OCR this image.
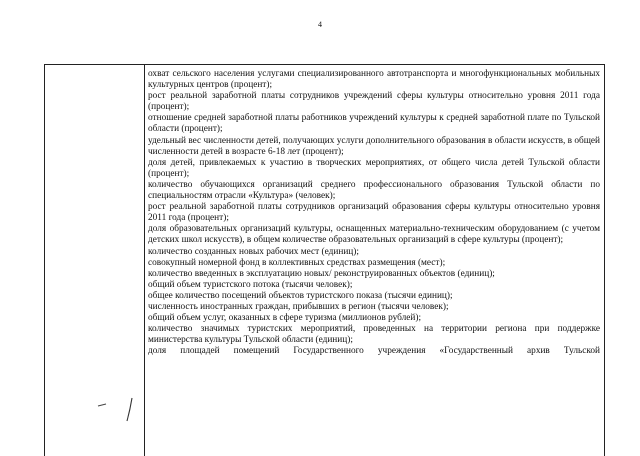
4

охват сельского населения услугами специализированного автотранспорта и многофункциональных мобильных культурных центров (процент);

рост реальной заработной платы сотрудников учреждений сферы культуры относительно уровня 2011 года (процент);

отношение средней заработной платы работников учреждений культуры к средней заработной плате по Тульской области (процент);

удельный вес численности детей, получающих услуги дополнительного образования в области искусств, в общей численности детей в возрасте 6-18 лет (процент);

доля детей, привлекаемых к участию в творческих мероприятиях, от общего числа детей Тульской области (процент);

количество обучающихся организаций среднего профессионального образования Тульской области по специальностям отрасли «Культура» (человек);

рост реальной заработной платы сотрудников организаций образования сферы культуры относительно уровня 2011 года (процент);

доля образовательных организаций культуры, оснащенных материально-техническим оборудованием (с учетом детских школ искусств), в общем количестве образовательных организаций в сфере культуры (процент);

количество созданных новых рабочих мест (единиц);

совокупный номерной фонд в коллективных средствах размещения (мест);

количество введенных в эксплуатацию новых/ реконструированных объектов (единиц);

общий объем туристского потока (тысячи человек);

общее количество посещений объектов туристского показа (тысячи единиц);

численность иностранных граждан, прибывших в регион (тысячи человек);

общий объем услуг, оказанных в сфере туризма (миллионов рублей);

количество значимых туристских мероприятий, проведенных на территории региона при поддержке министерства культуры Тульской области (единиц);

доля площадей помещений Государственного учреждения «Государственный архив Тульской
